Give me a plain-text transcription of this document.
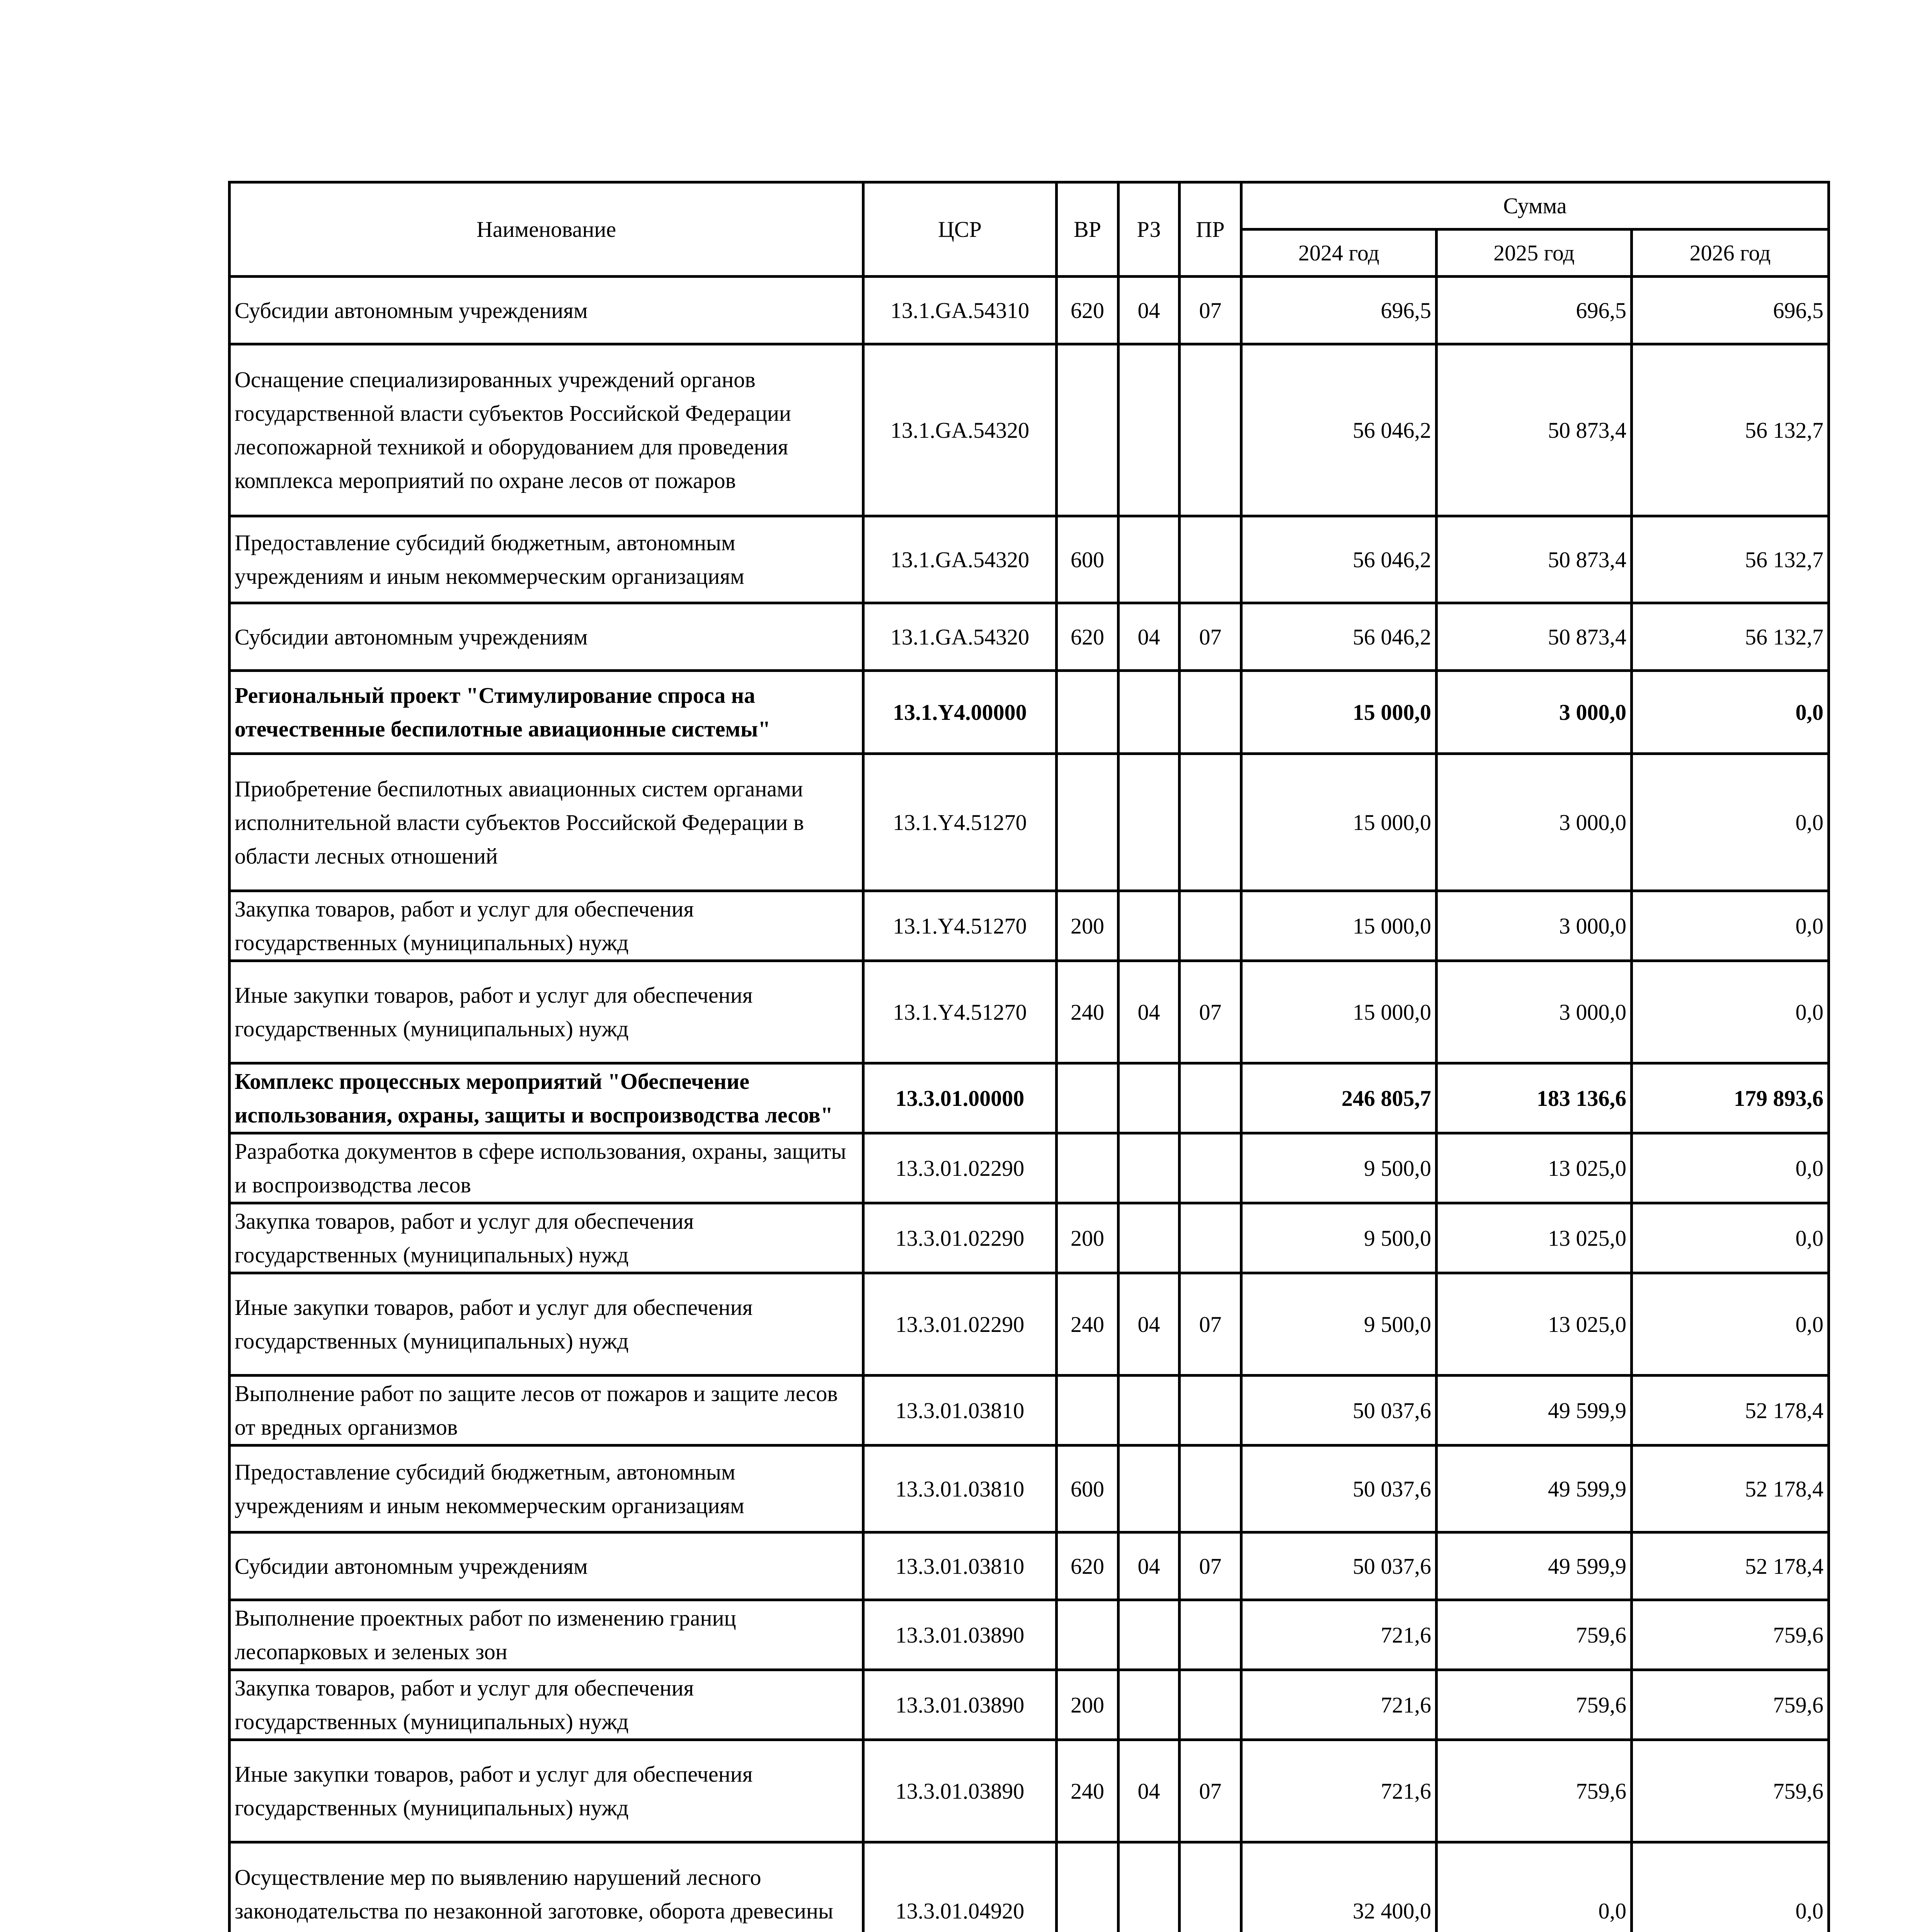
Наименование	ЦСР	ВР	РЗ	ПР	Сумма		
					2024 год	2025 год	2026 год
Субсидии автономным учреждениям	13.1.GA.54310	620	04	07	696,5	696,5	696,5
Оснащение специализированных учреждений органов государственной власти субъектов Российской Федерации лесопожарной техникой и оборудованием для проведения комплекса мероприятий по охране лесов от пожаров	13.1.GA.54320				56 046,2	50 873,4	56 132,7
Предоставление субсидий бюджетным, автономным учреждениям и иным некоммерческим организациям	13.1.GA.54320	600			56 046,2	50 873,4	56 132,7
Субсидии автономным учреждениям	13.1.GA.54320	620	04	07	56 046,2	50 873,4	56 132,7
Региональный проект "Стимулирование спроса на отечественные беспилотные авиационные системы"	13.1.Y4.00000				15 000,0	3 000,0	0,0
Приобретение беспилотных авиационных систем органами исполнительной власти субъектов Российской Федерации в области лесных отношений	13.1.Y4.51270				15 000,0	3 000,0	0,0
Закупка товаров, работ и услуг для обеспечения государственных (муниципальных) нужд	13.1.Y4.51270	200			15 000,0	3 000,0	0,0
Иные закупки товаров, работ и услуг для обеспечения государственных (муниципальных) нужд	13.1.Y4.51270	240	04	07	15 000,0	3 000,0	0,0
Комплекс процессных мероприятий "Обеспечение использования, охраны, защиты и воспроизводства лесов"	13.3.01.00000				246 805,7	183 136,6	179 893,6
Разработка документов в сфере использования, охраны, защиты и воспроизводства лесов	13.3.01.02290				9 500,0	13 025,0	0,0
Закупка товаров, работ и услуг для обеспечения государственных (муниципальных) нужд	13.3.01.02290	200			9 500,0	13 025,0	0,0
Иные закупки товаров, работ и услуг для обеспечения государственных (муниципальных) нужд	13.3.01.02290	240	04	07	9 500,0	13 025,0	0,0
Выполнение работ по защите лесов от пожаров и защите лесов от вредных организмов	13.3.01.03810				50 037,6	49 599,9	52 178,4
Предоставление субсидий бюджетным, автономным учреждениям и иным некоммерческим организациям	13.3.01.03810	600			50 037,6	49 599,9	52 178,4
Субсидии автономным учреждениям	13.3.01.03810	620	04	07	50 037,6	49 599,9	52 178,4
Выполнение проектных работ по изменению границ лесопарковых и зеленых зон	13.3.01.03890				721,6	759,6	759,6
Закупка товаров, работ и услуг для обеспечения государственных (муниципальных) нужд	13.3.01.03890	200			721,6	759,6	759,6
Иные закупки товаров, работ и услуг для обеспечения государственных (муниципальных) нужд	13.3.01.03890	240	04	07	721,6	759,6	759,6
Осуществление мер по выявлению нарушений лесного законодательства по незаконной заготовке, оборота древесины	13.3.01.04920				32 400,0	0,0	0,0
